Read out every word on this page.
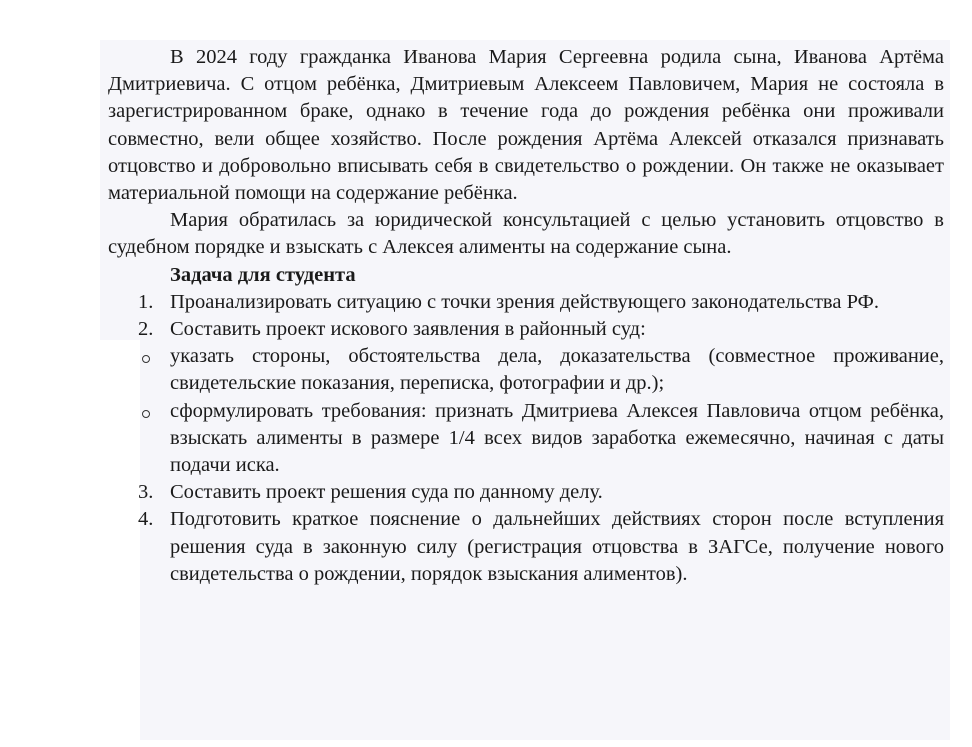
В 2024 году гражданка Иванова Мария Сергеевна родила сына, Иванова Артёма Дмитриевича. С отцом ребёнка, Дмитриевым Алексеем Павловичем, Мария не состояла в зарегистрированном браке, однако в течение года до рождения ребёнка они проживали совместно, вели общее хозяйство. После рождения Артёма Алексей отказался признавать отцовство и добровольно вписывать себя в свидетельство о рождении. Он также не оказывает материальной помощи на содержание ребёнка.

Мария обратилась за юридической консультацией с целью установить отцовство в судебном порядке и взыскать с Алексея алименты на содержание сына.

Задача для студента

1. Проанализировать ситуацию с точки зрения действующего законодательства РФ.
2. Составить проект искового заявления в районный суд:
указать стороны, обстоятельства дела, доказательства (совместное проживание, свидетельские показания, переписка, фотографии и др.);
сформулировать требования: признать Дмитриева Алексея Павловича отцом ребёнка, взыскать алименты в размере 1/4 всех видов заработка ежемесячно, начиная с даты подачи иска.
3. Составить проект решения суда по данному делу.
4. Подготовить краткое пояснение о дальнейших действиях сторон после вступления решения суда в законную силу (регистрация отцовства в ЗАГСе, получение нового свидетельства о рождении, порядок взыскания алиментов).
